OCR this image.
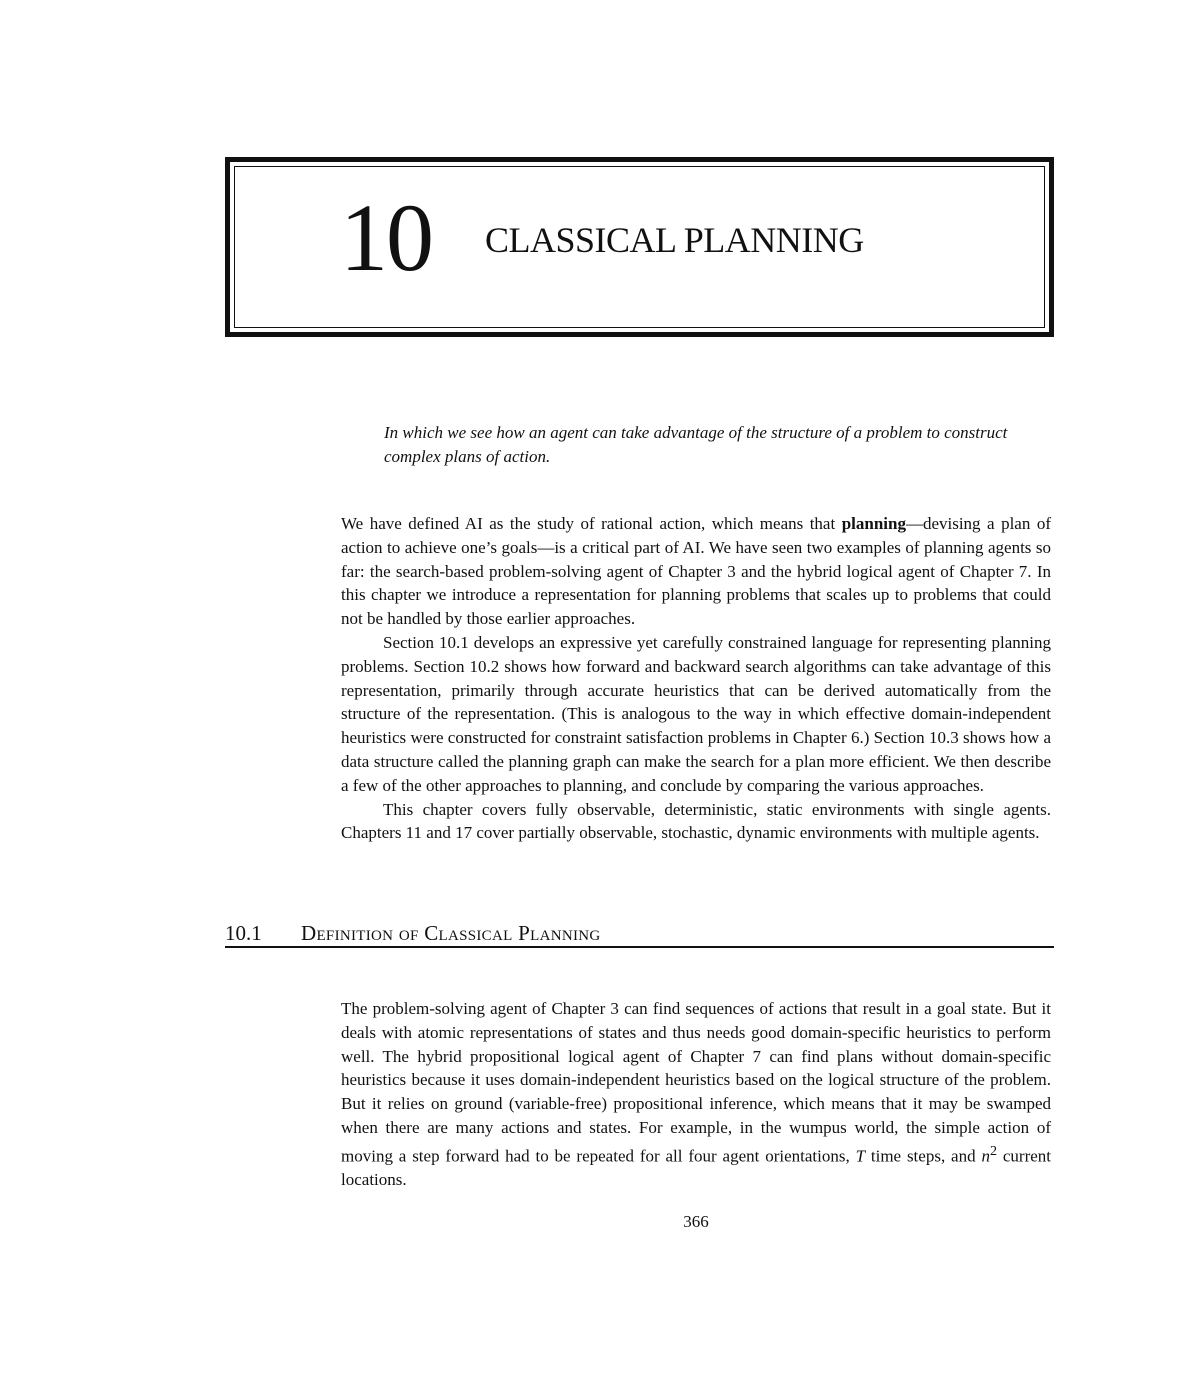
10 CLASSICAL PLANNING
In which we see how an agent can take advantage of the structure of a problem to construct complex plans of action.

We have defined AI as the study of rational action, which means that planning—devising a plan of action to achieve one’s goals—is a critical part of AI. We have seen two examples of planning agents so far: the search-based problem-solving agent of Chapter 3 and the hybrid logical agent of Chapter 7. In this chapter we introduce a representation for planning problems that scales up to problems that could not be handled by those earlier approaches.

Section 10.1 develops an expressive yet carefully constrained language for representing planning problems. Section 10.2 shows how forward and backward search algorithms can take advantage of this representation, primarily through accurate heuristics that can be derived automatically from the structure of the representation. (This is analogous to the way in which effective domain-independent heuristics were constructed for constraint satisfaction problems in Chapter 6.) Section 10.3 shows how a data structure called the planning graph can make the search for a plan more efficient. We then describe a few of the other approaches to planning, and conclude by comparing the various approaches.

This chapter covers fully observable, deterministic, static environments with single agents. Chapters 11 and 17 cover partially observable, stochastic, dynamic environments with multiple agents.

10.1 Definition of Classical Planning

The problem-solving agent of Chapter 3 can find sequences of actions that result in a goal state. But it deals with atomic representations of states and thus needs good domain-specific heuristics to perform well. The hybrid propositional logical agent of Chapter 7 can find plans without domain-specific heuristics because it uses domain-independent heuristics based on the logical structure of the problem. But it relies on ground (variable-free) propositional inference, which means that it may be swamped when there are many actions and states. For example, in the wumpus world, the simple action of moving a step forward had to be repeated for all four agent orientations, T time steps, and $n^2$ current locations.

366
